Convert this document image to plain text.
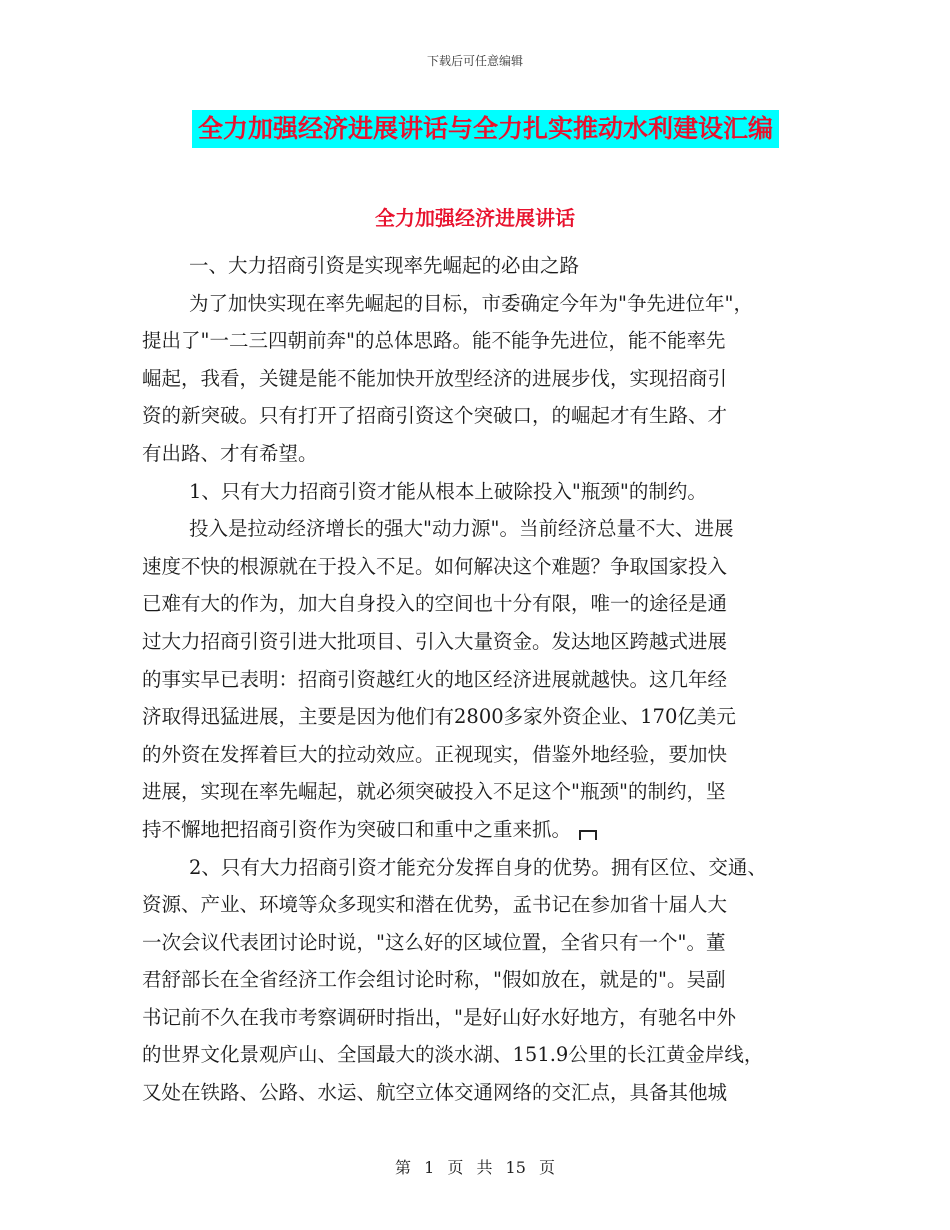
下载后可任意编辑
全力加强经济进展讲话与全力扎实推动水利建设汇编
全力加强经济进展讲话
一、大力招商引资是实现率先崛起的必由之路
为了加快实现在率先崛起的目标，市委确定今年为"争先进位年"，
提出了"一二三四朝前奔"的总体思路。能不能争先进位，能不能率先
崛起，我看，关键是能不能加快开放型经济的进展步伐，实现招商引
资的新突破。只有打开了招商引资这个突破口，的崛起才有生路、才
有出路、才有希望。
1、只有大力招商引资才能从根本上破除投入"瓶颈"的制约。
投入是拉动经济增长的强大"动力源"。当前经济总量不大、进展
速度不快的根源就在于投入不足。如何解决这个难题？争取国家投入
已难有大的作为，加大自身投入的空间也十分有限，唯一的途径是通
过大力招商引资引进大批项目、引入大量资金。发达地区跨越式进展
的事实早已表明：招商引资越红火的地区经济进展就越快。这几年经
济取得迅猛进展，主要是因为他们有2800多家外资企业、170亿美元
的外资在发挥着巨大的拉动效应。正视现实，借鉴外地经验，要加快
进展，实现在率先崛起，就必须突破投入不足这个"瓶颈"的制约，坚
持不懈地把招商引资作为突破口和重中之重来抓。
2、只有大力招商引资才能充分发挥自身的优势。拥有区位、交通、
资源、产业、环境等众多现实和潜在优势，孟书记在参加省十届人大
一次会议代表团讨论时说，"这么好的区域位置，全省只有一个"。董
君舒部长在全省经济工作会组讨论时称，"假如放在，就是的"。吴副
书记前不久在我市考察调研时指出，"是好山好水好地方，有驰名中外
的世界文化景观庐山、全国最大的淡水湖、151.9公里的长江黄金岸线，
又处在铁路、公路、水运、航空立体交通网络的交汇点，具备其他城
第 1 页 共 15 页
